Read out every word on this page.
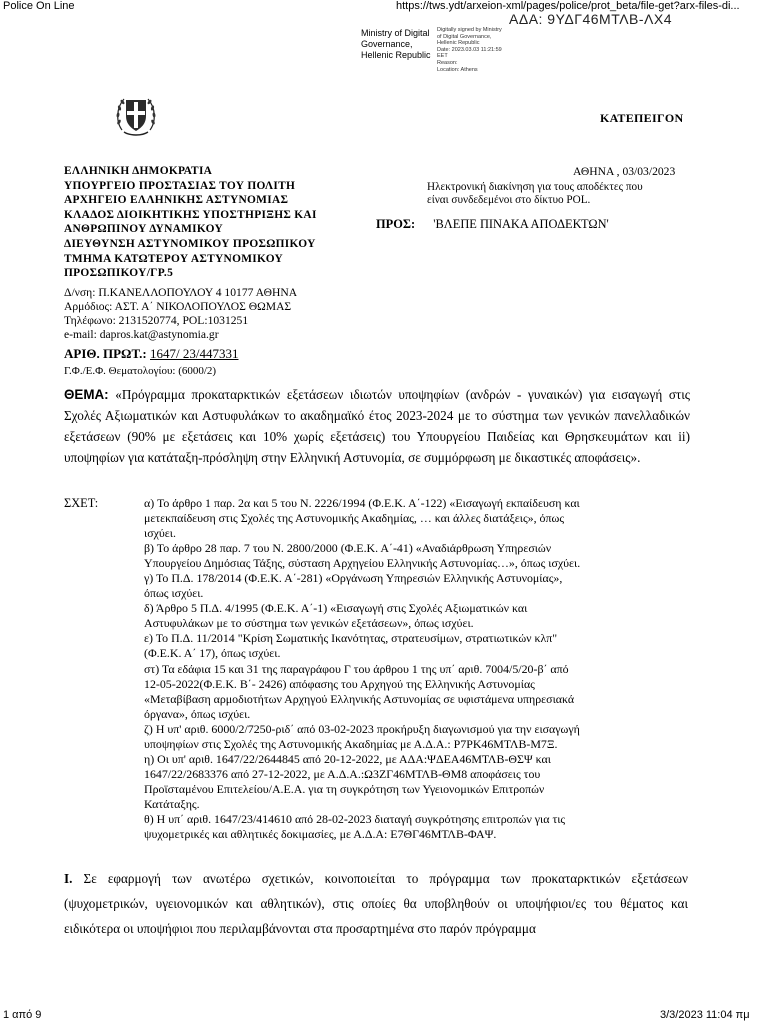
Police On Line	https://tws.ydt/arxeion-xml/pages/police/prot_beta/file-get?arx-files-di...
ΑΔΑ: 9ΥΔΓ46ΜΤΛΒ-ΛΧ4
Ministry of Digital
Governance,
Hellenic Republic
Digitally signed by Ministry
of Digital Governance,
Hellenic Republic
Date: 2023.03.03 11:21:59
EET
Reason:
Location: Athens
ΚΑΤΕΠΕΙΓΟΝ
ΕΛΛΗΝΙΚΗ ΔΗΜΟΚΡΑΤΙΑ
ΥΠΟΥΡΓΕΙΟ ΠΡΟΣΤΑΣΙΑΣ ΤΟΥ ΠΟΛΙΤΗ
ΑΡΧΗΓΕΙΟ ΕΛΛΗΝΙΚΗΣ ΑΣΤΥΝΟΜΙΑΣ
ΚΛΑΔΟΣ ΔΙΟΙΚΗΤΙΚΗΣ ΥΠΟΣΤΗΡΙΞΗΣ ΚΑΙ
ΑΝΘΡΩΠΙΝΟΥ ΔΥΝΑΜΙΚΟΥ
ΔΙΕΥΘΥΝΣΗ ΑΣΤΥΝΟΜΙΚΟΥ ΠΡΟΣΩΠΙΚΟΥ
ΤΜΗΜΑ ΚΑΤΩΤΕΡΟΥ ΑΣΤΥΝΟΜΙΚΟΥ
ΠΡΟΣΩΠΙΚΟΥ/ΓΡ.5
Δ/νση: Π.ΚΑΝΕΛΛΟΠΟΥΛΟΥ 4 10177 ΑΘΗΝΑ
Αρμόδιος: ΑΣΤ. Α΄ ΝΙΚΟΛΟΠΟΥΛΟΣ ΘΩΜΑΣ
Τηλέφωνο: 2131520774, POL:1031251
e-mail: dapros.kat@astynomia.gr
ΑΡΙΘ. ΠΡΩΤ.: 1647/ 23/447331
Γ.Φ./Ε.Φ. Θεματολογίου: (6000/2)
ΑΘΗΝΑ , 03/03/2023
Ηλεκτρονική διακίνηση για τους αποδέκτες που
είναι συνδεδεμένοι στο δίκτυο POL.
ΠΡΟΣ: 'ΒΛΕΠΕ ΠΙΝΑΚΑ ΑΠΟΔΕΚΤΩΝ'
ΘΕΜΑ: «Πρόγραμμα προκαταρκτικών εξετάσεων ιδιωτών υποψηφίων (ανδρών - γυναικών) για εισαγωγή στις Σχολές Αξιωματικών και Αστυφυλάκων το ακαδημαϊκό έτος 2023-2024 με το σύστημα των γενικών πανελλαδικών εξετάσεων (90% με εξετάσεις και 10% χωρίς εξετάσεις) του Υπουργείου Παιδείας και Θρησκευμάτων και ii) υποψηφίων για κατάταξη-πρόσληψη στην Ελληνική Αστυνομία, σε συμμόρφωση με δικαστικές αποφάσεις».
ΣΧΕΤ:	α) Το άρθρο 1 παρ. 2α και 5 του Ν. 2226/1994 (Φ.Ε.Κ. Α΄-122) «Εισαγωγή εκπαίδευση και
μετεκπαίδευση στις Σχολές της Αστυνομικής Ακαδημίας, … και άλλες διατάξεις», όπως
ισχύει.
β) Το άρθρο 28 παρ. 7 του Ν. 2800/2000 (Φ.Ε.Κ. Α΄-41) «Αναδιάρθρωση Υπηρεσιών
Υπουργείου Δημόσιας Τάξης, σύσταση Αρχηγείου Ελληνικής Αστυνομίας…», όπως ισχύει.
γ) Το Π.Δ. 178/2014 (Φ.Ε.Κ. Α΄-281) «Οργάνωση Υπηρεσιών Ελληνικής Αστυνομίας»,
όπως ισχύει.
δ) Άρθρο 5 Π.Δ. 4/1995 (Φ.Ε.Κ. Α΄-1) «Εισαγωγή στις Σχολές Αξιωματικών και
Αστυφυλάκων με το σύστημα των γενικών εξετάσεων», όπως ισχύει.
ε) Το Π.Δ. 11/2014 "Κρίση Σωματικής Ικανότητας, στρατευσίμων, στρατιωτικών κλπ"
(Φ.Ε.Κ. Α΄ 17), όπως ισχύει.
στ) Τα εδάφια 15 και 31 της παραγράφου Γ του άρθρου 1 της υπ΄ αριθ. 7004/5/20-β΄ από
12-05-2022(Φ.Ε.Κ. Β΄- 2426) απόφασης του Αρχηγού της Ελληνικής Αστυνομίας
«Μεταβίβαση αρμοδιοτήτων Αρχηγού Ελληνικής Αστυνομίας σε υφιστάμενα υπηρεσιακά
όργανα», όπως ισχύει.
ζ) Η υπ' αριθ. 6000/2/7250-ριδ΄ από 03-02-2023 προκήρυξη διαγωνισμού για την εισαγωγή
υποψηφίων στις Σχολές της Αστυνομικής Ακαδημίας με Α.Δ.Α.: Ρ7ΡΚ46ΜΤΛΒ-Μ7Ξ.
η) Οι υπ' αριθ. 1647/22/2644845 από 20-12-2022, με ΑΔΑ:ΨΔΕΑ46ΜΤΛΒ-ΘΣΨ και
1647/22/2683376 από 27-12-2022, με Α.Δ.Α.:Ω3ΖΓ46ΜΤΛΒ-ΘΜ8 αποφάσεις του
Προϊσταμένου Επιτελείου/Α.Ε.Α. για τη συγκρότηση των Υγειονομικών Επιτροπών
Κατάταξης.
θ) Η υπ΄ αριθ. 1647/23/414610 από 28-02-2023 διαταγή συγκρότησης επιτροπών για τις
ψυχομετρικές και αθλητικές δοκιμασίες, με Α.Δ.Α: Ε7ΘΓ46ΜΤΛΒ-ΦΑΨ.
Ι. Σε εφαρμογή των ανωτέρω σχετικών, κοινοποιείται το πρόγραμμα των προκαταρκτικών εξετάσεων (ψυχομετρικών, υγειονομικών και αθλητικών), στις οποίες θα υποβληθούν οι υποψήφιοι/ες του θέματος και ειδικότερα οι υποψήφιοι που περιλαμβάνονται στα προσαρτημένα στο παρόν πρόγραμμα
1 από 9	3/3/2023 11:04 πμ
